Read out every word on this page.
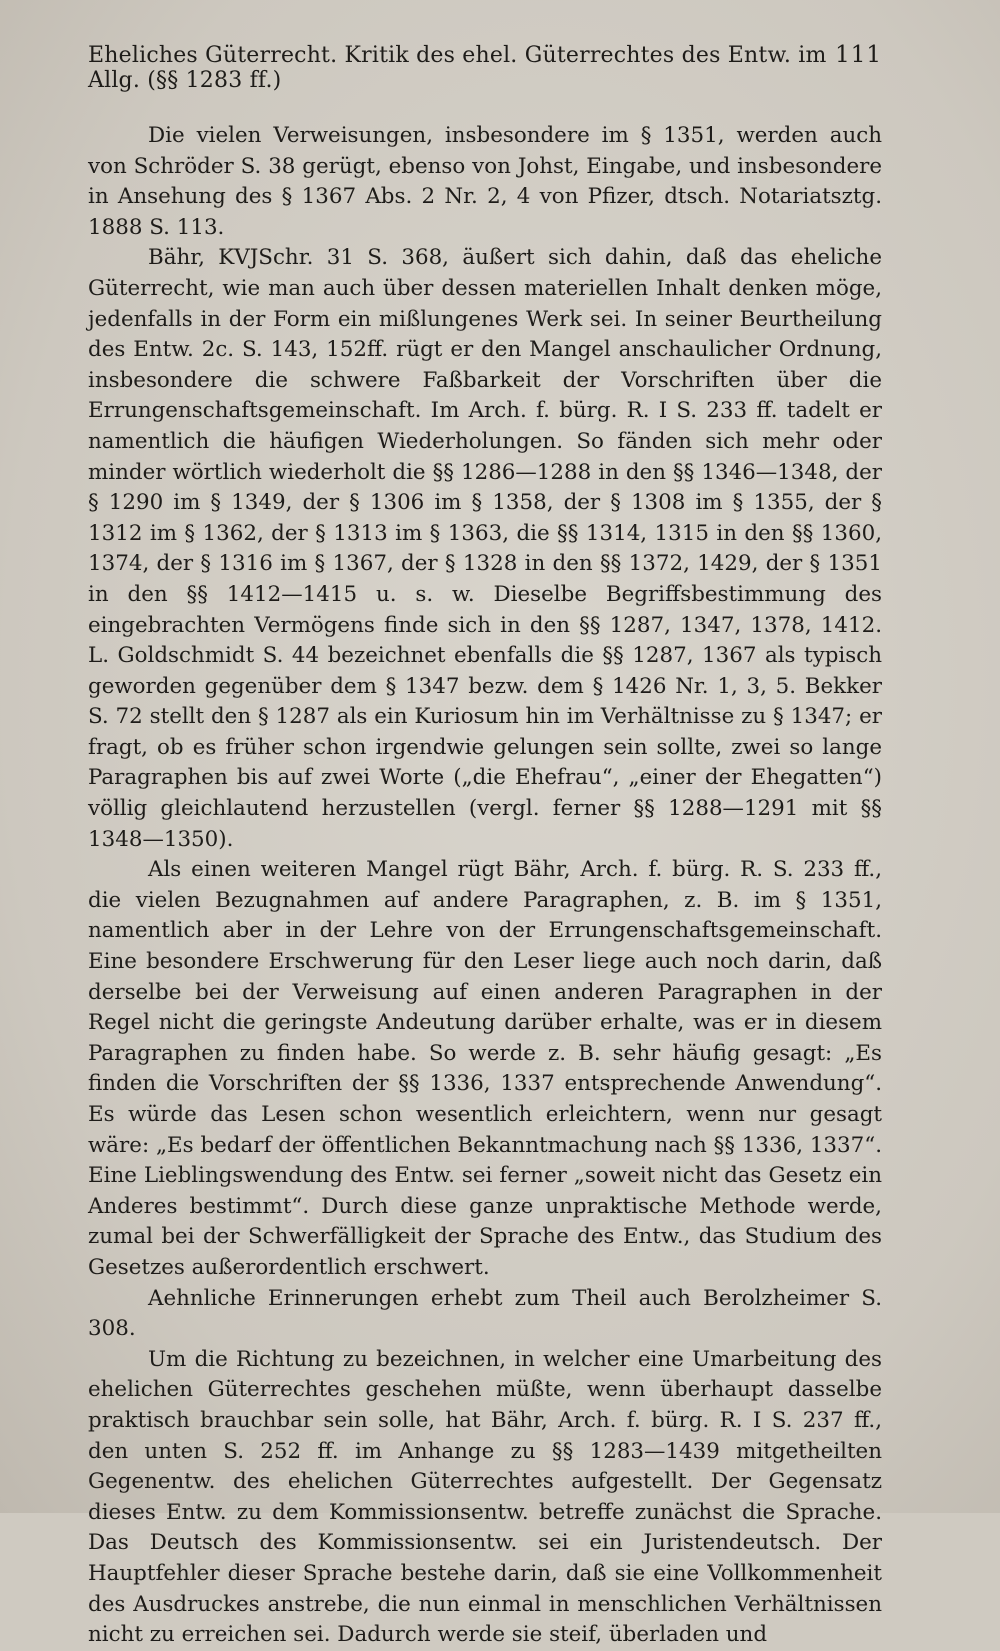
Eheliches Güterrecht. Kritik des ehel. Güterrechtes des Entw. im Allg. (§§ 1283 ff.)
111

Die vielen Verweisungen, insbesondere im § 1351, werden auch von Schröder S. 38 gerügt, ebenso von Johst, Eingabe, und insbesondere in Ansehung des § 1367 Abs. 2 Nr. 2, 4 von Pfizer, dtsch. Notariatsztg. 1888 S. 113.

Bähr, KVJSchr. 31 S. 368, äußert sich dahin, daß das eheliche Güterrecht, wie man auch über dessen materiellen Inhalt denken möge, jedenfalls in der Form ein mißlungenes Werk sei. In seiner Beurtheilung des Entw. 2c. S. 143, 152ff. rügt er den Mangel anschaulicher Ordnung, insbesondere die schwere Faßbarkeit der Vorschriften über die Errungenschaftsgemeinschaft. Im Arch. f. bürg. R. I S. 233 ff. tadelt er namentlich die häufigen Wiederholungen. So fänden sich mehr oder minder wörtlich wiederholt die §§ 1286—1288 in den §§ 1346—1348, der § 1290 im § 1349, der § 1306 im § 1358, der § 1308 im § 1355, der § 1312 im § 1362, der § 1313 im § 1363, die §§ 1314, 1315 in den §§ 1360, 1374, der § 1316 im § 1367, der § 1328 in den §§ 1372, 1429, der § 1351 in den §§ 1412—1415 u. s. w. Dieselbe Begriffsbestimmung des eingebrachten Vermögens finde sich in den §§ 1287, 1347, 1378, 1412. L. Goldschmidt S. 44 bezeichnet ebenfalls die §§ 1287, 1367 als typisch geworden gegenüber dem § 1347 bezw. dem § 1426 Nr. 1, 3, 5. Bekker S. 72 stellt den § 1287 als ein Kuriosum hin im Verhältnisse zu § 1347; er fragt, ob es früher schon irgendwie gelungen sein sollte, zwei so lange Paragraphen bis auf zwei Worte („die Ehefrau“, „einer der Ehegatten“) völlig gleichlautend herzustellen (vergl. ferner §§ 1288—1291 mit §§ 1348—1350).

Als einen weiteren Mangel rügt Bähr, Arch. f. bürg. R. S. 233 ff., die vielen Bezugnahmen auf andere Paragraphen, z. B. im § 1351, namentlich aber in der Lehre von der Errungenschaftsgemeinschaft. Eine besondere Erschwerung für den Leser liege auch noch darin, daß derselbe bei der Verweisung auf einen anderen Paragraphen in der Regel nicht die geringste Andeutung darüber erhalte, was er in diesem Paragraphen zu finden habe. So werde z. B. sehr häufig gesagt: „Es finden die Vorschriften der §§ 1336, 1337 entsprechende Anwendung“. Es würde das Lesen schon wesentlich erleichtern, wenn nur gesagt wäre: „Es bedarf der öffentlichen Bekanntmachung nach §§ 1336, 1337“. Eine Lieblingswendung des Entw. sei ferner „soweit nicht das Gesetz ein Anderes bestimmt“. Durch diese ganze unpraktische Methode werde, zumal bei der Schwerfälligkeit der Sprache des Entw., das Studium des Gesetzes außerordentlich erschwert.

Aehnliche Erinnerungen erhebt zum Theil auch Berolzheimer S. 308.

Um die Richtung zu bezeichnen, in welcher eine Umarbeitung des ehelichen Güterrechtes geschehen müßte, wenn überhaupt dasselbe praktisch brauchbar sein solle, hat Bähr, Arch. f. bürg. R. I S. 237 ff., den unten S. 252 ff. im Anhange zu §§ 1283—1439 mitgetheilten Gegenentw. des ehelichen Güterrechtes aufgestellt. Der Gegensatz dieses Entw. zu dem Kommissionsentw. betreffe zunächst die Sprache. Das Deutsch des Kommissionsentw. sei ein Juristendeutsch. Der Hauptfehler dieser Sprache bestehe darin, daß sie eine Vollkommenheit des Ausdruckes anstrebe, die nun einmal in menschlichen Verhältnissen nicht zu erreichen sei. Dadurch werde sie steif, überladen und
